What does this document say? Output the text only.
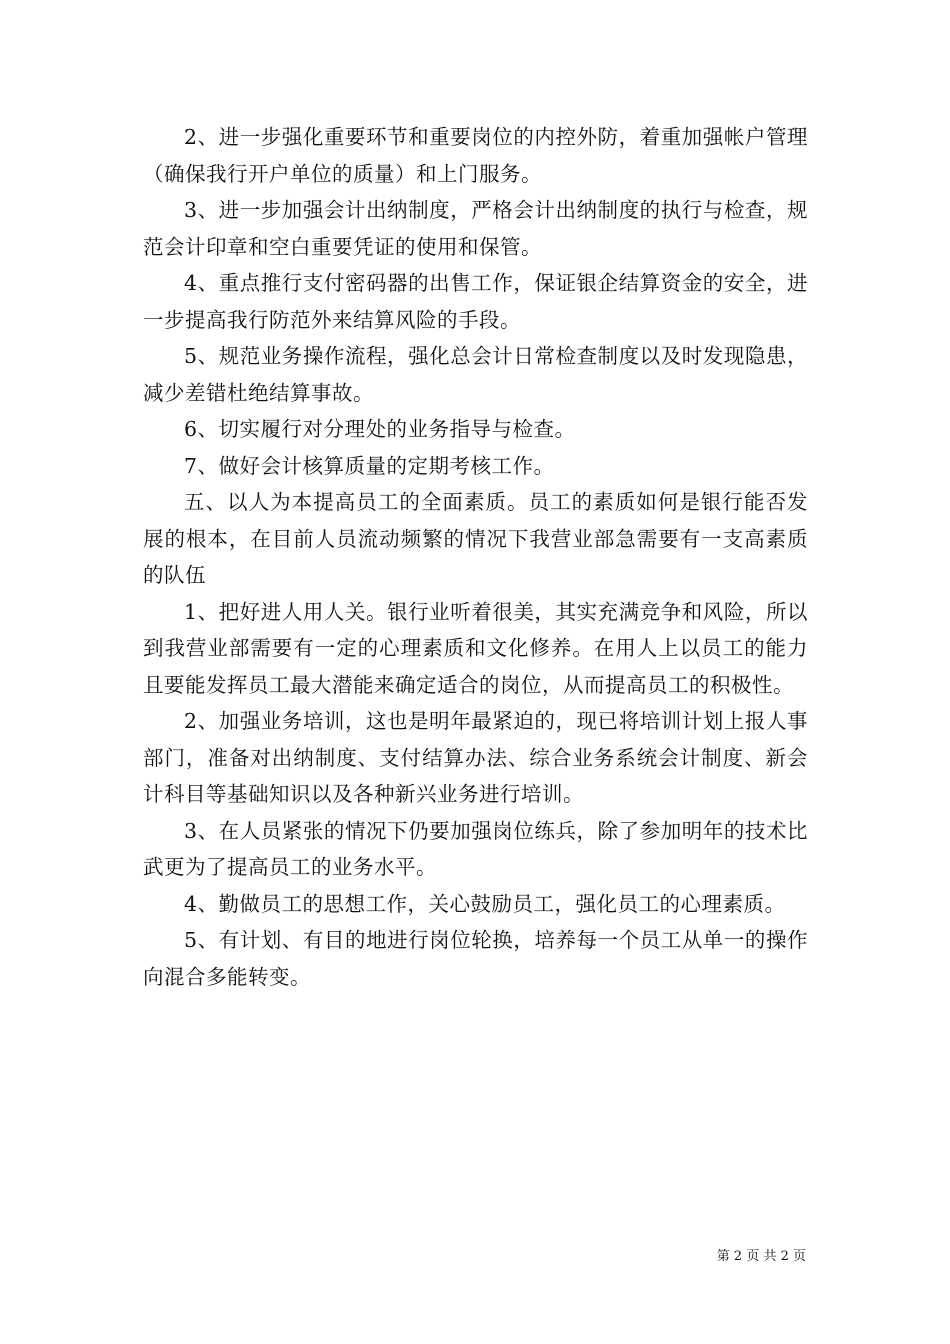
2、进一步强化重要环节和重要岗位的内控外防，着重加强帐户管理（确保我行开户单位的质量）和上门服务。

3、进一步加强会计出纳制度，严格会计出纳制度的执行与检查，规范会计印章和空白重要凭证的使用和保管。

4、重点推行支付密码器的出售工作，保证银企结算资金的安全，进一步提高我行防范外来结算风险的手段。

5、规范业务操作流程，强化总会计日常检查制度以及时发现隐患，减少差错杜绝结算事故。

6、切实履行对分理处的业务指导与检查。

7、做好会计核算质量的定期考核工作。

五、以人为本提高员工的全面素质。员工的素质如何是银行能否发展的根本，在目前人员流动频繁的情况下我营业部急需要有一支高素质的队伍

1、把好进人用人关。银行业听着很美，其实充满竞争和风险，所以到我营业部需要有一定的心理素质和文化修养。在用人上以员工的能力且要能发挥员工最大潜能来确定适合的岗位，从而提高员工的积极性。

2、加强业务培训，这也是明年最紧迫的，现已将培训计划上报人事部门，准备对出纳制度、支付结算办法、综合业务系统会计制度、新会计科目等基础知识以及各种新兴业务进行培训。

3、在人员紧张的情况下仍要加强岗位练兵，除了参加明年的技术比武更为了提高员工的业务水平。

4、勤做员工的思想工作，关心鼓励员工，强化员工的心理素质。

5、有计划、有目的地进行岗位轮换，培养每一个员工从单一的操作向混合多能转变。

第 2 页 共 2 页
